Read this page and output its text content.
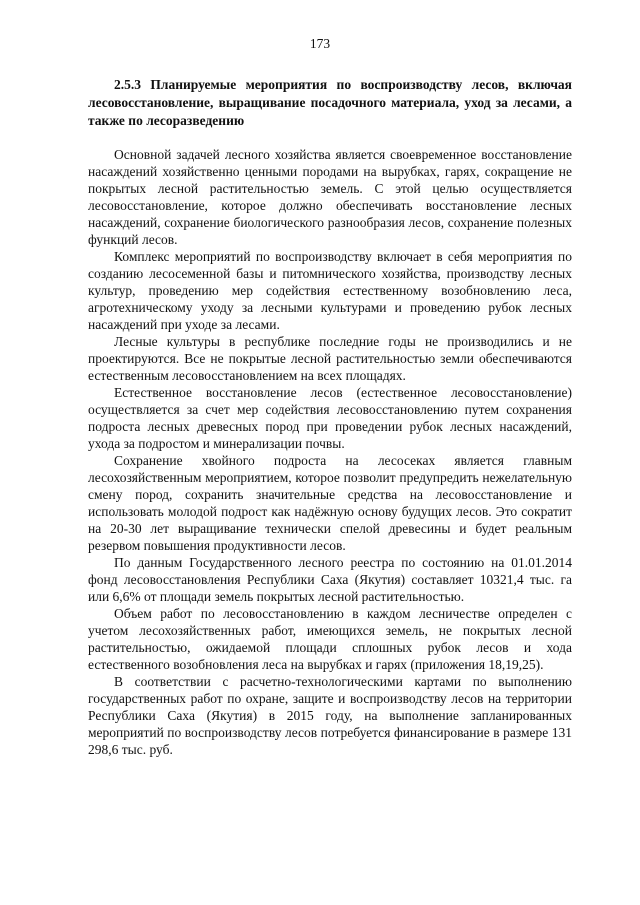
173

2.5.3 Планируемые мероприятия по воспроизводству лесов, включая лесовосстановление, выращивание посадочного материала, уход за лесами, а также по лесоразведению

Основной задачей лесного хозяйства является своевременное восстановление насаждений хозяйственно ценными породами на вырубках, гарях, сокращение не покрытых лесной растительностью земель. С этой целью осуществляется лесовосстановление, которое должно обеспечивать восстановление лесных насаждений, сохранение биологического разнообразия лесов, сохранение полезных функций лесов.

Комплекс мероприятий по воспроизводству включает в себя мероприятия по созданию лесосеменной базы и питомнического хозяйства, производству лесных культур, проведению мер содействия естественному возобновлению леса, агротехническому уходу за лесными культурами и проведению рубок лесных насаждений при уходе за лесами.

Лесные культуры в республике последние годы не производились и не проектируются. Все не покрытые лесной растительностью земли обеспечиваются естественным лесовосстановлением на всех площадях.

Естественное восстановление лесов (естественное лесовосстановление) осуществляется за счет мер содействия лесовосстановлению путем сохранения подроста лесных древесных пород при проведении рубок лесных насаждений, ухода за подростом и минерализации почвы.

Сохранение хвойного подроста на лесосеках является главным лесохозяйственным мероприятием, которое позволит предупредить нежелательную смену пород, сохранить значительные средства на лесовосстановление и использовать молодой подрост как надёжную основу будущих лесов. Это сократит на 20-30 лет выращивание технически спелой древесины и будет реальным резервом повышения продуктивности лесов.

По данным Государственного лесного реестра по состоянию на 01.01.2014 фонд лесовосстановления Республики Саха (Якутия) составляет 10321,4 тыс. га или 6,6% от площади земель покрытых лесной растительностью.

Объем работ по лесовосстановлению в каждом лесничестве определен с учетом лесохозяйственных работ, имеющихся земель, не покрытых лесной растительностью, ожидаемой площади сплошных рубок лесов и хода естественного возобновления леса на вырубках и гарях (приложения 18,19,25).

В соответствии с расчетно-технологическими картами по выполнению государственных работ по охране, защите и воспроизводству лесов на территории Республики Саха (Якутия) в 2015 году, на выполнение запланированных мероприятий по воспроизводству лесов потребуется финансирование в размере 131 298,6 тыс. руб.
